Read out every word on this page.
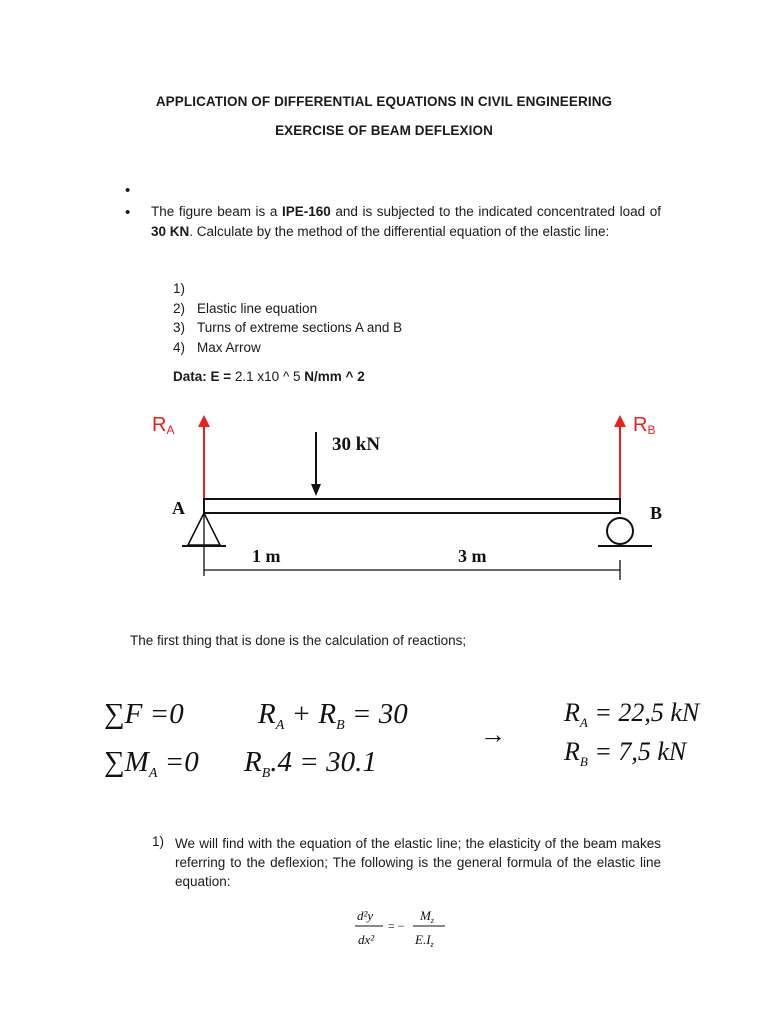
APPLICATION OF DIFFERENTIAL EQUATIONS IN CIVIL ENGINEERING
EXERCISE OF BEAM DEFLEXION
•
• The figure beam is a IPE-160 and is subjected to the indicated concentrated load of 30 KN. Calculate by the method of the differential equation of the elastic line:
1)
2) Elastic line equation
3) Turns of extreme sections A and B
4) Max Arrow
Data: E = 2.1 x10 ^ 5 N/mm ^ 2
RA	RB
30 kN
A	B
1 m	3 m
The first thing that is done is the calculation of reactions;
∑F =0	$R_A + R_B = 30$
$\sum M_A =0$ $R_B.4 = 30.1$
→
$R_A = 22,5$ kN
$R_B = 7,5$ kN
1) We will find with the equation of the elastic line; the elasticity of the beam makes referring to the deflexion; The following is the general formula of the elastic line equation:
d²y
dx²
= −
$M_z$
$E.I_z$
